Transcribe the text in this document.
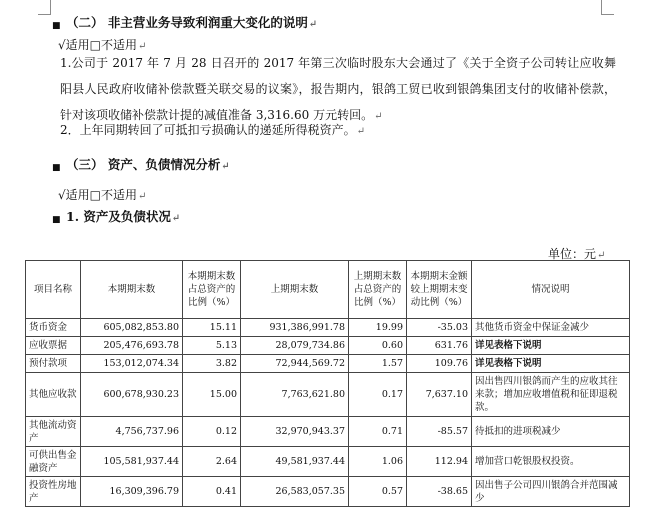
■ （二） 非主营业务导致利润重大变化的说明↵
√适用□不适用↵
1.公司于 2017 年 7 月 28 日召开的 2017 年第三次临时股东大会通过了《关于全资子公司转让应收舞阳县人民政府收储补偿款暨关联交易的议案》，报告期内，银鸽工贸已收到银鸽集团支付的收储补偿款，针对该项收储补偿款计提的减值准备 3,316.60 万元转回。↵
2．上年同期转回了可抵扣亏损确认的递延所得税资产。↵
■ （三） 资产、负债情况分析↵
√适用□不适用↵
■ 1. 资产及负债状况↵
单位：元↵
项目名称	本期期末数	本期期末数占总资产的比例（%）	上期期末数	上期期末数占总资产的比例（%）	本期期末金额较上期期末变动比例（%）	情况说明
货币资金	605,082,853.80	15.11	931,386,991.78	19.99	-35.03	其他货币资金中保证金减少
应收票据	205,476,693.78	5.13	28,079,734.86	0.60	631.76	详见表格下说明
预付款项	153,012,074.34	3.82	72,944,569.72	1.57	109.76	详见表格下说明
其他应收款	600,678,930.23	15.00	7,763,621.80	0.17	7,637.10	因出售四川银鸽而产生的应收其往来款；增加应收增值税和征即退税款。
其他流动资产	4,756,737.96	0.12	32,970,943.37	0.71	-85.57	待抵扣的进项税减少
可供出售金融资产	105,581,937.44	2.64	49,581,937.44	1.06	112.94	增加营口乾银股权投资。
投资性房地产	16,309,396.79	0.41	26,583,057.35	0.57	-38.65	因出售子公司四川银鸽合并范围减少
